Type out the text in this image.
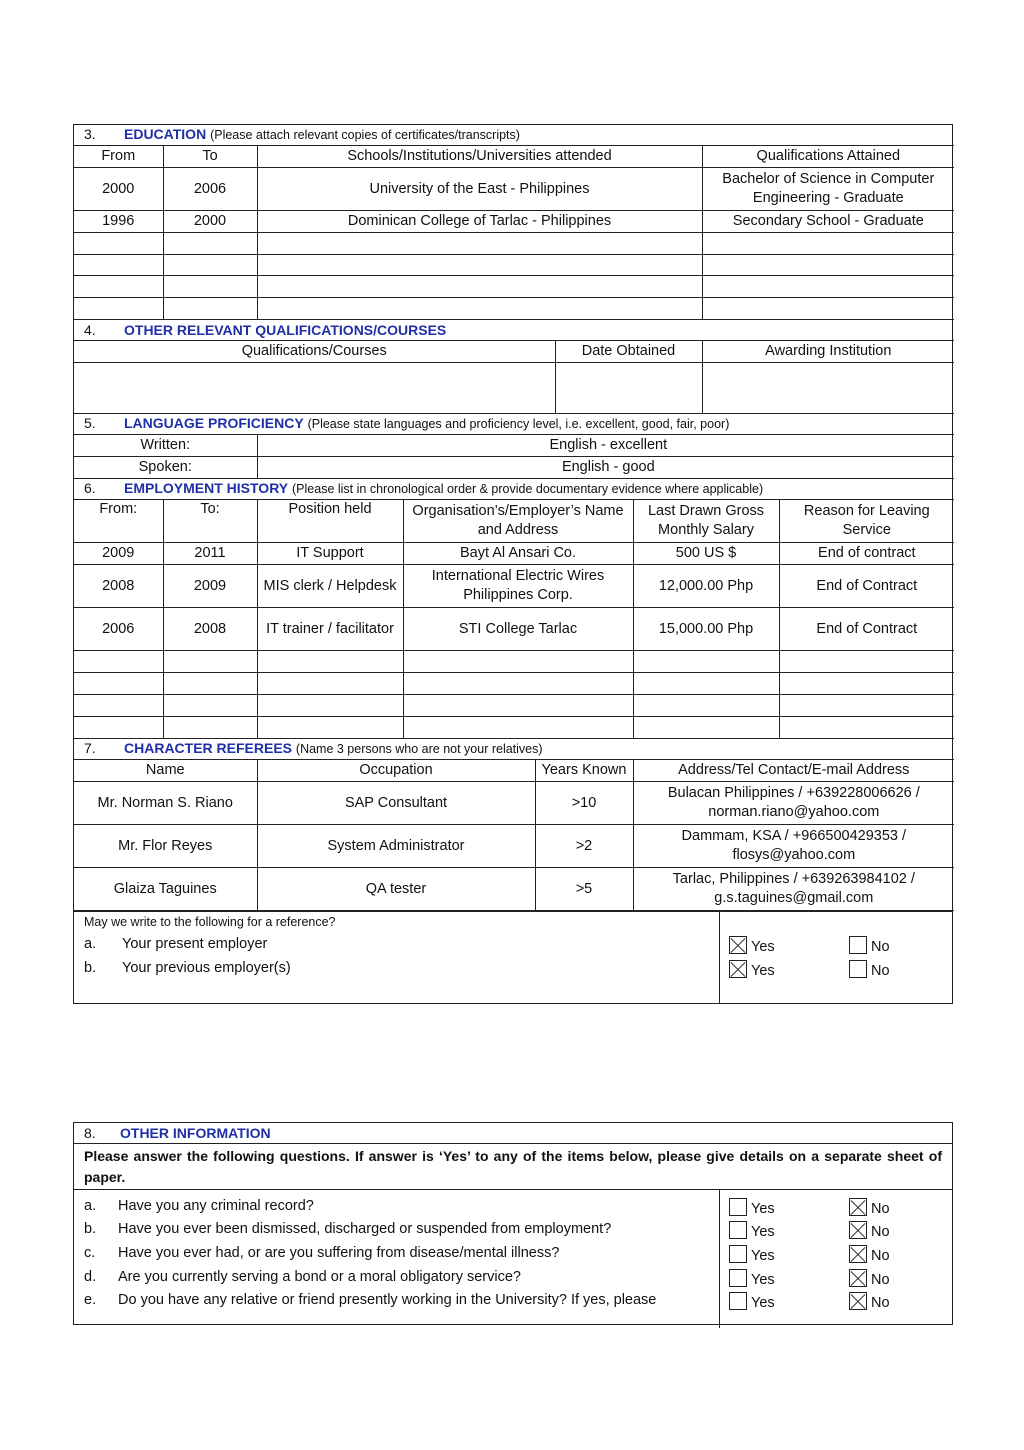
3. EDUCATION (Please attach relevant copies of certificates/transcripts)								
From	To	Schools/Institutions/Universities attended					Qualifications Attained	
2000	2006	University of the East - Philippines					Bachelor of Science in Computer Engineering - Graduate	
1996	2000	Dominican College of Tarlac - Philippines					Secondary School - Graduate	

4. OTHER RELEVANT QUALIFICATIONS/COURSES								
Qualifications/Courses					Date Obtained		Awarding Institution	

5. LANGUAGE PROFICIENCY (Please state languages and proficiency level, i.e. excellent, good, fair, poor)								
Written:		English - excellent						
Spoken:		English - good						
6. EMPLOYMENT HISTORY (Please list in chronological order & provide documentary evidence where applicable)								
From:	To:	Position held	Organisation’s/Employer’s Name and Address			Last Drawn Gross Monthly Salary		Reason for Leaving Service
2009	2011	IT Support	Bayt Al Ansari Co.			500 US $		End of contract
2008	2009	MIS clerk / Helpdesk	International Electric Wires Philippines Corp.			12,000.00 Php		End of Contract
2006	2008	IT trainer / facilitator	STI College Tarlac			15,000.00 Php		End of Contract

7. CHARACTER REFEREES (Name 3 persons who are not your relatives)								
Name		Occupation		Years Known		Address/Tel Contact/E-mail Address		
Mr. Norman S. Riano		SAP Consultant		>10		Bulacan Philippines / +639228006626 / norman.riano@yahoo.com		
Mr. Flor Reyes		System Administrator		>2		Dammam, KSA / +966500429353 / flosys@yahoo.com		
Glaiza Taguines		QA tester		>5		Tarlac, Philippines / +639263984102 / g.s.taguines@gmail.com		
May we write to the following for a reference?
a. Your present employer	Yes	No
b. Your previous employer(s)	Yes	No
8. OTHER INFORMATION
Please answer the following questions. If answer is ‘Yes’ to any of the items below, please give details on a separate sheet of paper.
a. Have you any criminal record?	Yes	No
b. Have you ever been dismissed, discharged or suspended from employment?	Yes	No
c. Have you ever had, or are you suffering from disease/mental illness?	Yes	No
d. Are you currently serving a bond or a moral obligatory service?	Yes	No
e. Do you have any relative or friend presently working in the University? If yes, please	Yes	No
